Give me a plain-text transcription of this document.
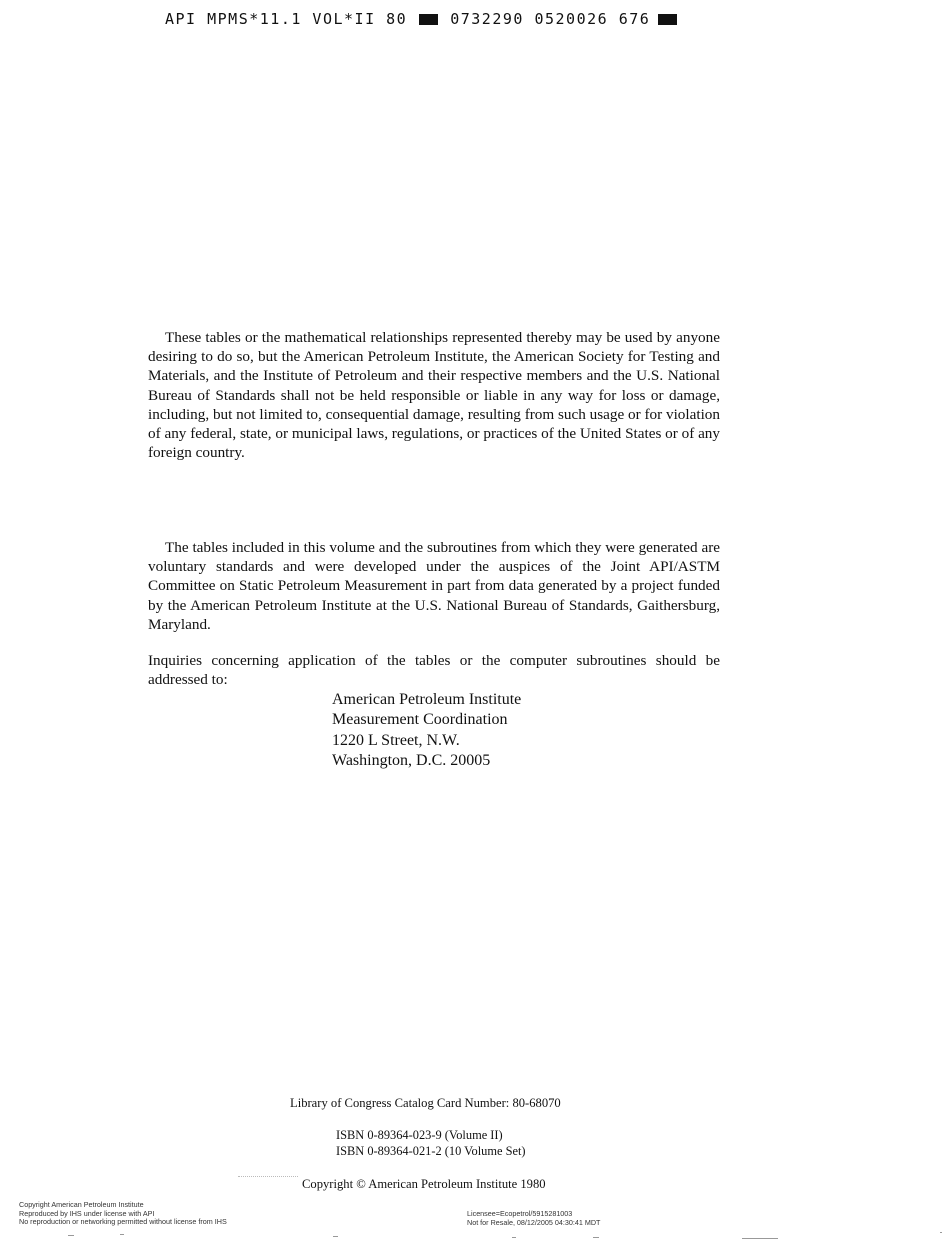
API MPMS*11.1 VOL*II 80	0732290 0520026 676

These tables or the mathematical relationships represented thereby may be used by anyone desiring to do so, but the American Petroleum Institute, the American Society for Testing and Materials, and the Institute of Petroleum and their respective members and the U.S. National Bureau of Standards shall not be held responsible or liable in any way for loss or damage, including, but not limited to, consequential damage, resulting from such usage or for violation of any federal, state, or municipal laws, regulations, or practices of the United States or of any foreign country.

The tables included in this volume and the subroutines from which they were generated are voluntary standards and were developed under the auspices of the Joint API/ASTM Committee on Static Petroleum Measurement in part from data generated by a project funded by the American Petroleum Institute at the U.S. National Bureau of Standards, Gaithersburg, Maryland.

Inquiries concerning application of the tables or the computer subroutines should be addressed to:

American Petroleum Institute
Measurement Coordination
1220 L Street, N.W.
Washington, D.C. 20005
Library of Congress Catalog Card Number: 80-68070
ISBN 0-89364-023-9 (Volume II)
ISBN 0-89364-021-2 (10 Volume Set)
Copyright © American Petroleum Institute 1980
Copyright American Petroleum Institute
Reproduced by IHS under license with API
No reproduction or networking permitted without license from IHS
Licensee=Ecopetrol/5915281003
Not for Resale, 08/12/2005 04:30:41 MDT
